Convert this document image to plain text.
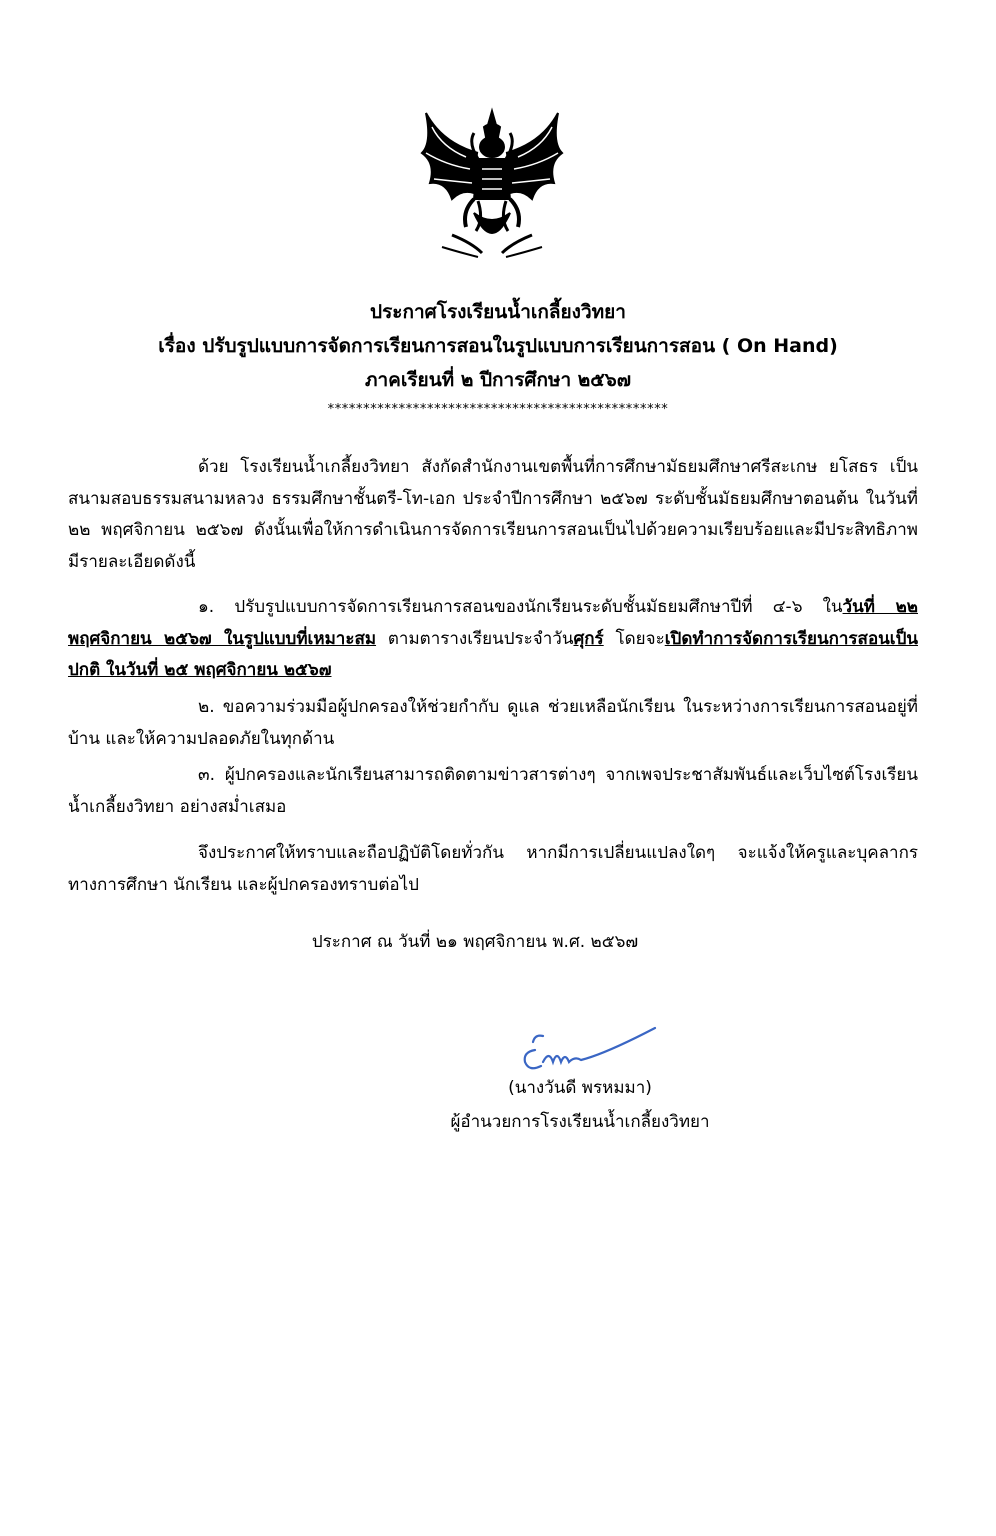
ประกาศโรงเรียนน้ำเกลี้ยงวิทยา
เรื่อง ปรับรูปแบบการจัดการเรียนการสอนในรูปแบบการเรียนการสอน ( On Hand)
ภาคเรียนที่ ๒ ปีการศึกษา ๒๕๖๗
************************************************
ด้วย โรงเรียนน้ำเกลี้ยงวิทยา สังกัดสำนักงานเขตพื้นที่การศึกษามัธยมศึกษาศรีสะเกษ ยโสธร เป็นสนามสอบธรรมสนามหลวง ธรรมศึกษาชั้นตรี-โท-เอก ประจำปีการศึกษา ๒๕๖๗ ระดับชั้นมัธยมศึกษาตอนต้น ในวันที่ ๒๒ พฤศจิกายน ๒๕๖๗ ดังนั้นเพื่อให้การดำเนินการจัดการเรียนการสอนเป็นไปด้วยความเรียบร้อยและมีประสิทธิภาพ มีรายละเอียดดังนี้
๑. ปรับรูปแบบการจัดการเรียนการสอนของนักเรียนระดับชั้นมัธยมศึกษาปีที่ ๔-๖ ในวันที่ ๒๒ พฤศจิกายน ๒๕๖๗ ในรูปแบบที่เหมาะสม ตามตารางเรียนประจำวันศุกร์ โดยจะเปิดทำการจัดการเรียนการสอนเป็นปกติ ในวันที่ ๒๕ พฤศจิกายน ๒๕๖๗
๒. ขอความร่วมมือผู้ปกครองให้ช่วยกำกับ ดูแล ช่วยเหลือนักเรียน ในระหว่างการเรียนการสอนอยู่ที่บ้าน และให้ความปลอดภัยในทุกด้าน
๓. ผู้ปกครองและนักเรียนสามารถติดตามข่าวสารต่างๆ จากเพจประชาสัมพันธ์และเว็บไซต์โรงเรียนน้ำเกลี้ยงวิทยา อย่างสม่ำเสมอ
จึงประกาศให้ทราบและถือปฏิบัติโดยทั่วกัน หากมีการเปลี่ยนแปลงใดๆ จะแจ้งให้ครูและบุคลากรทางการศึกษา นักเรียน และผู้ปกครองทราบต่อไป
ประกาศ ณ วันที่ ๒๑ พฤศจิกายน พ.ศ. ๒๕๖๗
(นางวันดี พรหมมา)
ผู้อำนวยการโรงเรียนน้ำเกลี้ยงวิทยา
